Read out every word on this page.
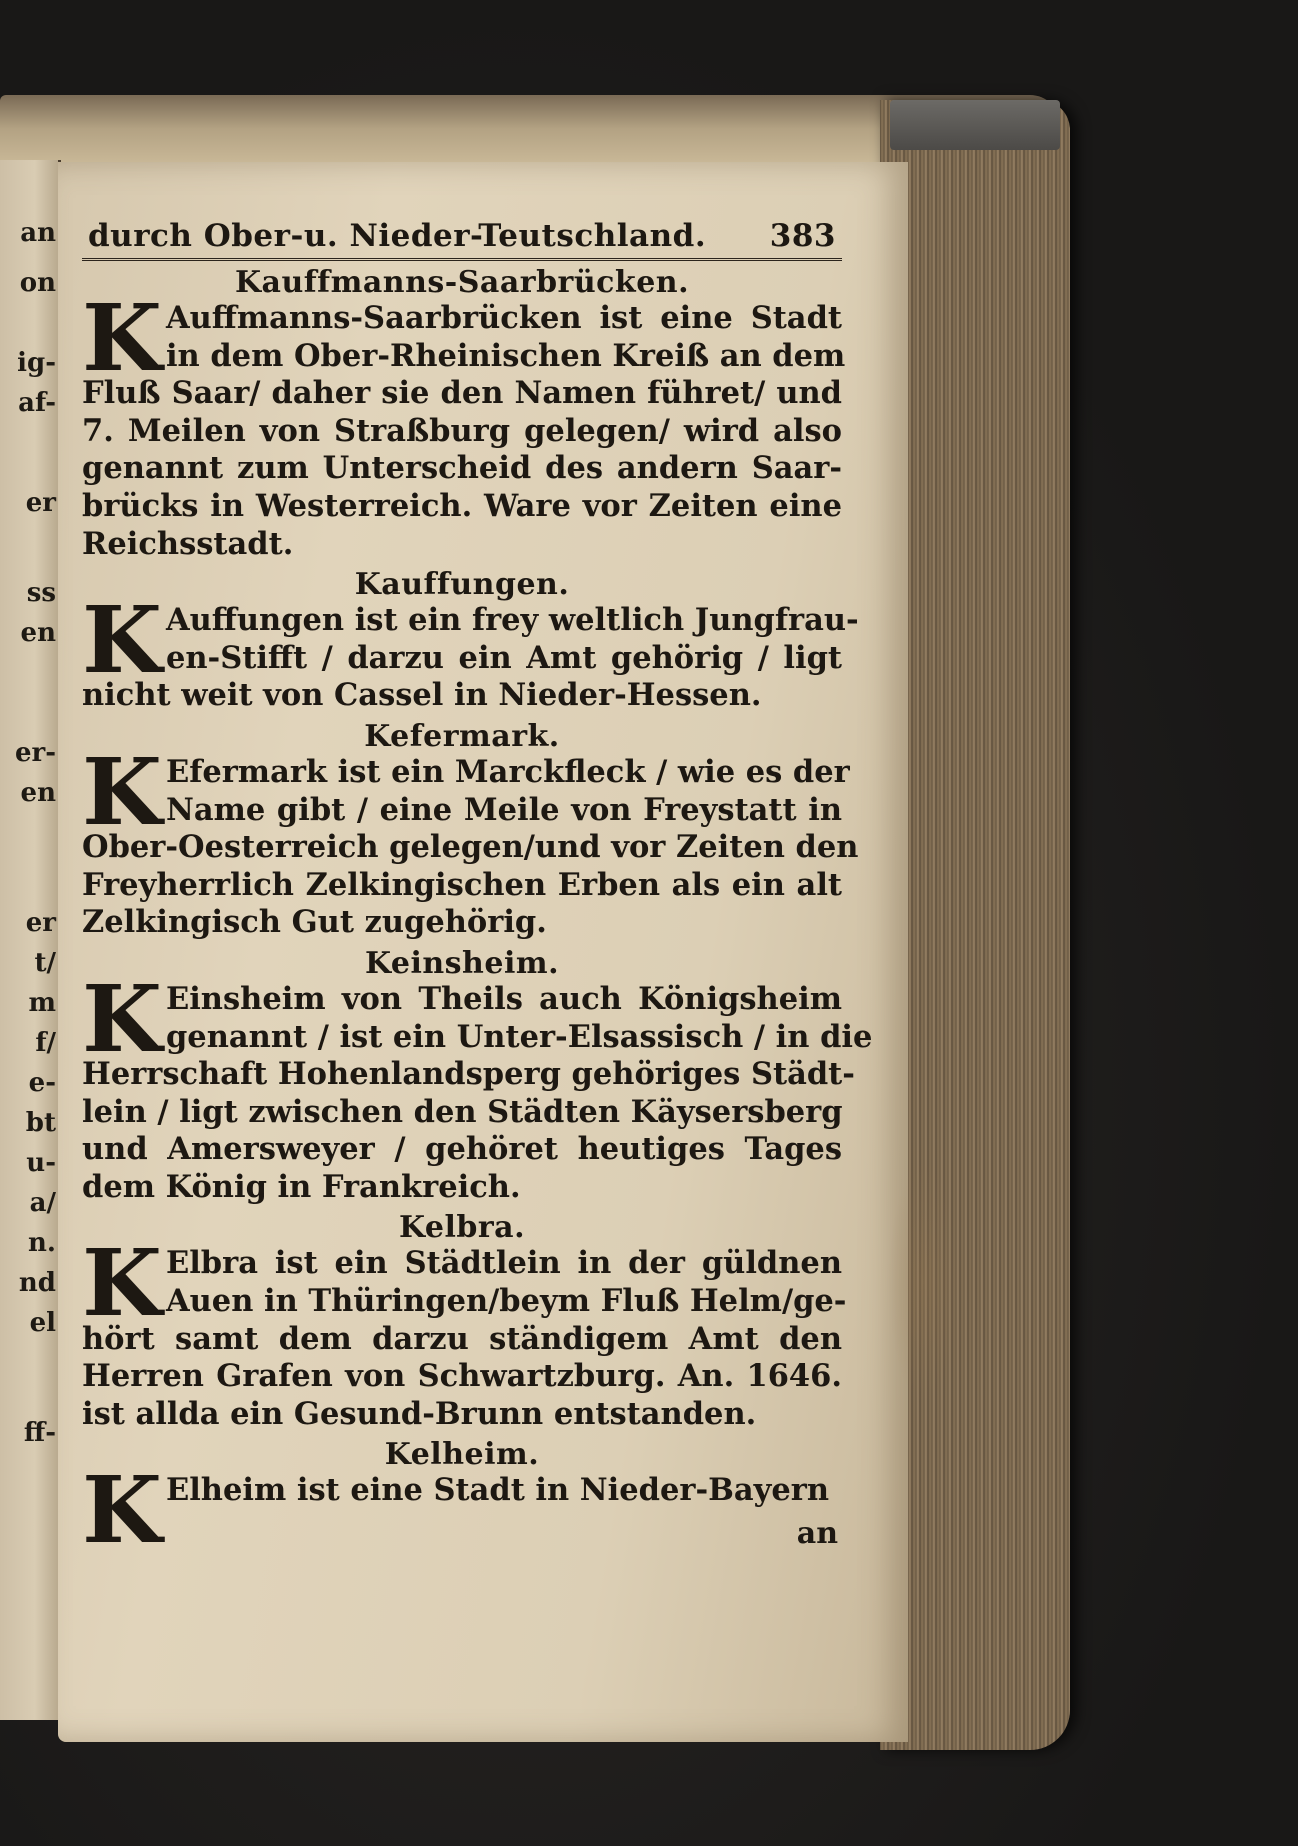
an
on
ig-
af-
er
ss
en
er-
en
er
t/
m
f/
e-
bt
u-
a/
n.
nd
el
ff-
durch Ober-u. Nieder-Teutschland. 383
Kauffmanns-Saarbrücken.
K Auffmanns-Saarbrücken ist eine Stadt
in dem Ober-Rheinischen Kreiß an dem
Fluß Saar/ daher sie den Namen führet/ und
7. Meilen von Straßburg gelegen/ wird also
genannt zum Unterscheid des andern Saar-
brücks in Westerreich. Ware vor Zeiten eine
Reichsstadt.
Kauffungen.
K Auffungen ist ein frey weltlich Jungfrau-
en-Stifft / darzu ein Amt gehörig / ligt
nicht weit von Cassel in Nieder-Hessen.
Kefermark.
K Efermark ist ein Marckfleck / wie es der
Name gibt / eine Meile von Freystatt in
Ober-Oesterreich gelegen/und vor Zeiten den
Freyherrlich Zelkingischen Erben als ein alt
Zelkingisch Gut zugehörig.
Keinsheim.
K Einsheim von Theils auch Königsheim
genannt / ist ein Unter-Elsassisch / in die
Herrschaft Hohenlandsperg gehöriges Städt-
lein / ligt zwischen den Städten Käysersberg
und Amersweyer / gehöret heutiges Tages
dem König in Frankreich.
Kelbra.
K Elbra ist ein Städtlein in der güldnen
Auen in Thüringen/beym Fluß Helm/ge-
hört samt dem darzu ständigem Amt den
Herren Grafen von Schwartzburg. An. 1646.
ist allda ein Gesund-Brunn entstanden.
Kelheim.
K Elheim ist eine Stadt in Nieder-Bayern
an
